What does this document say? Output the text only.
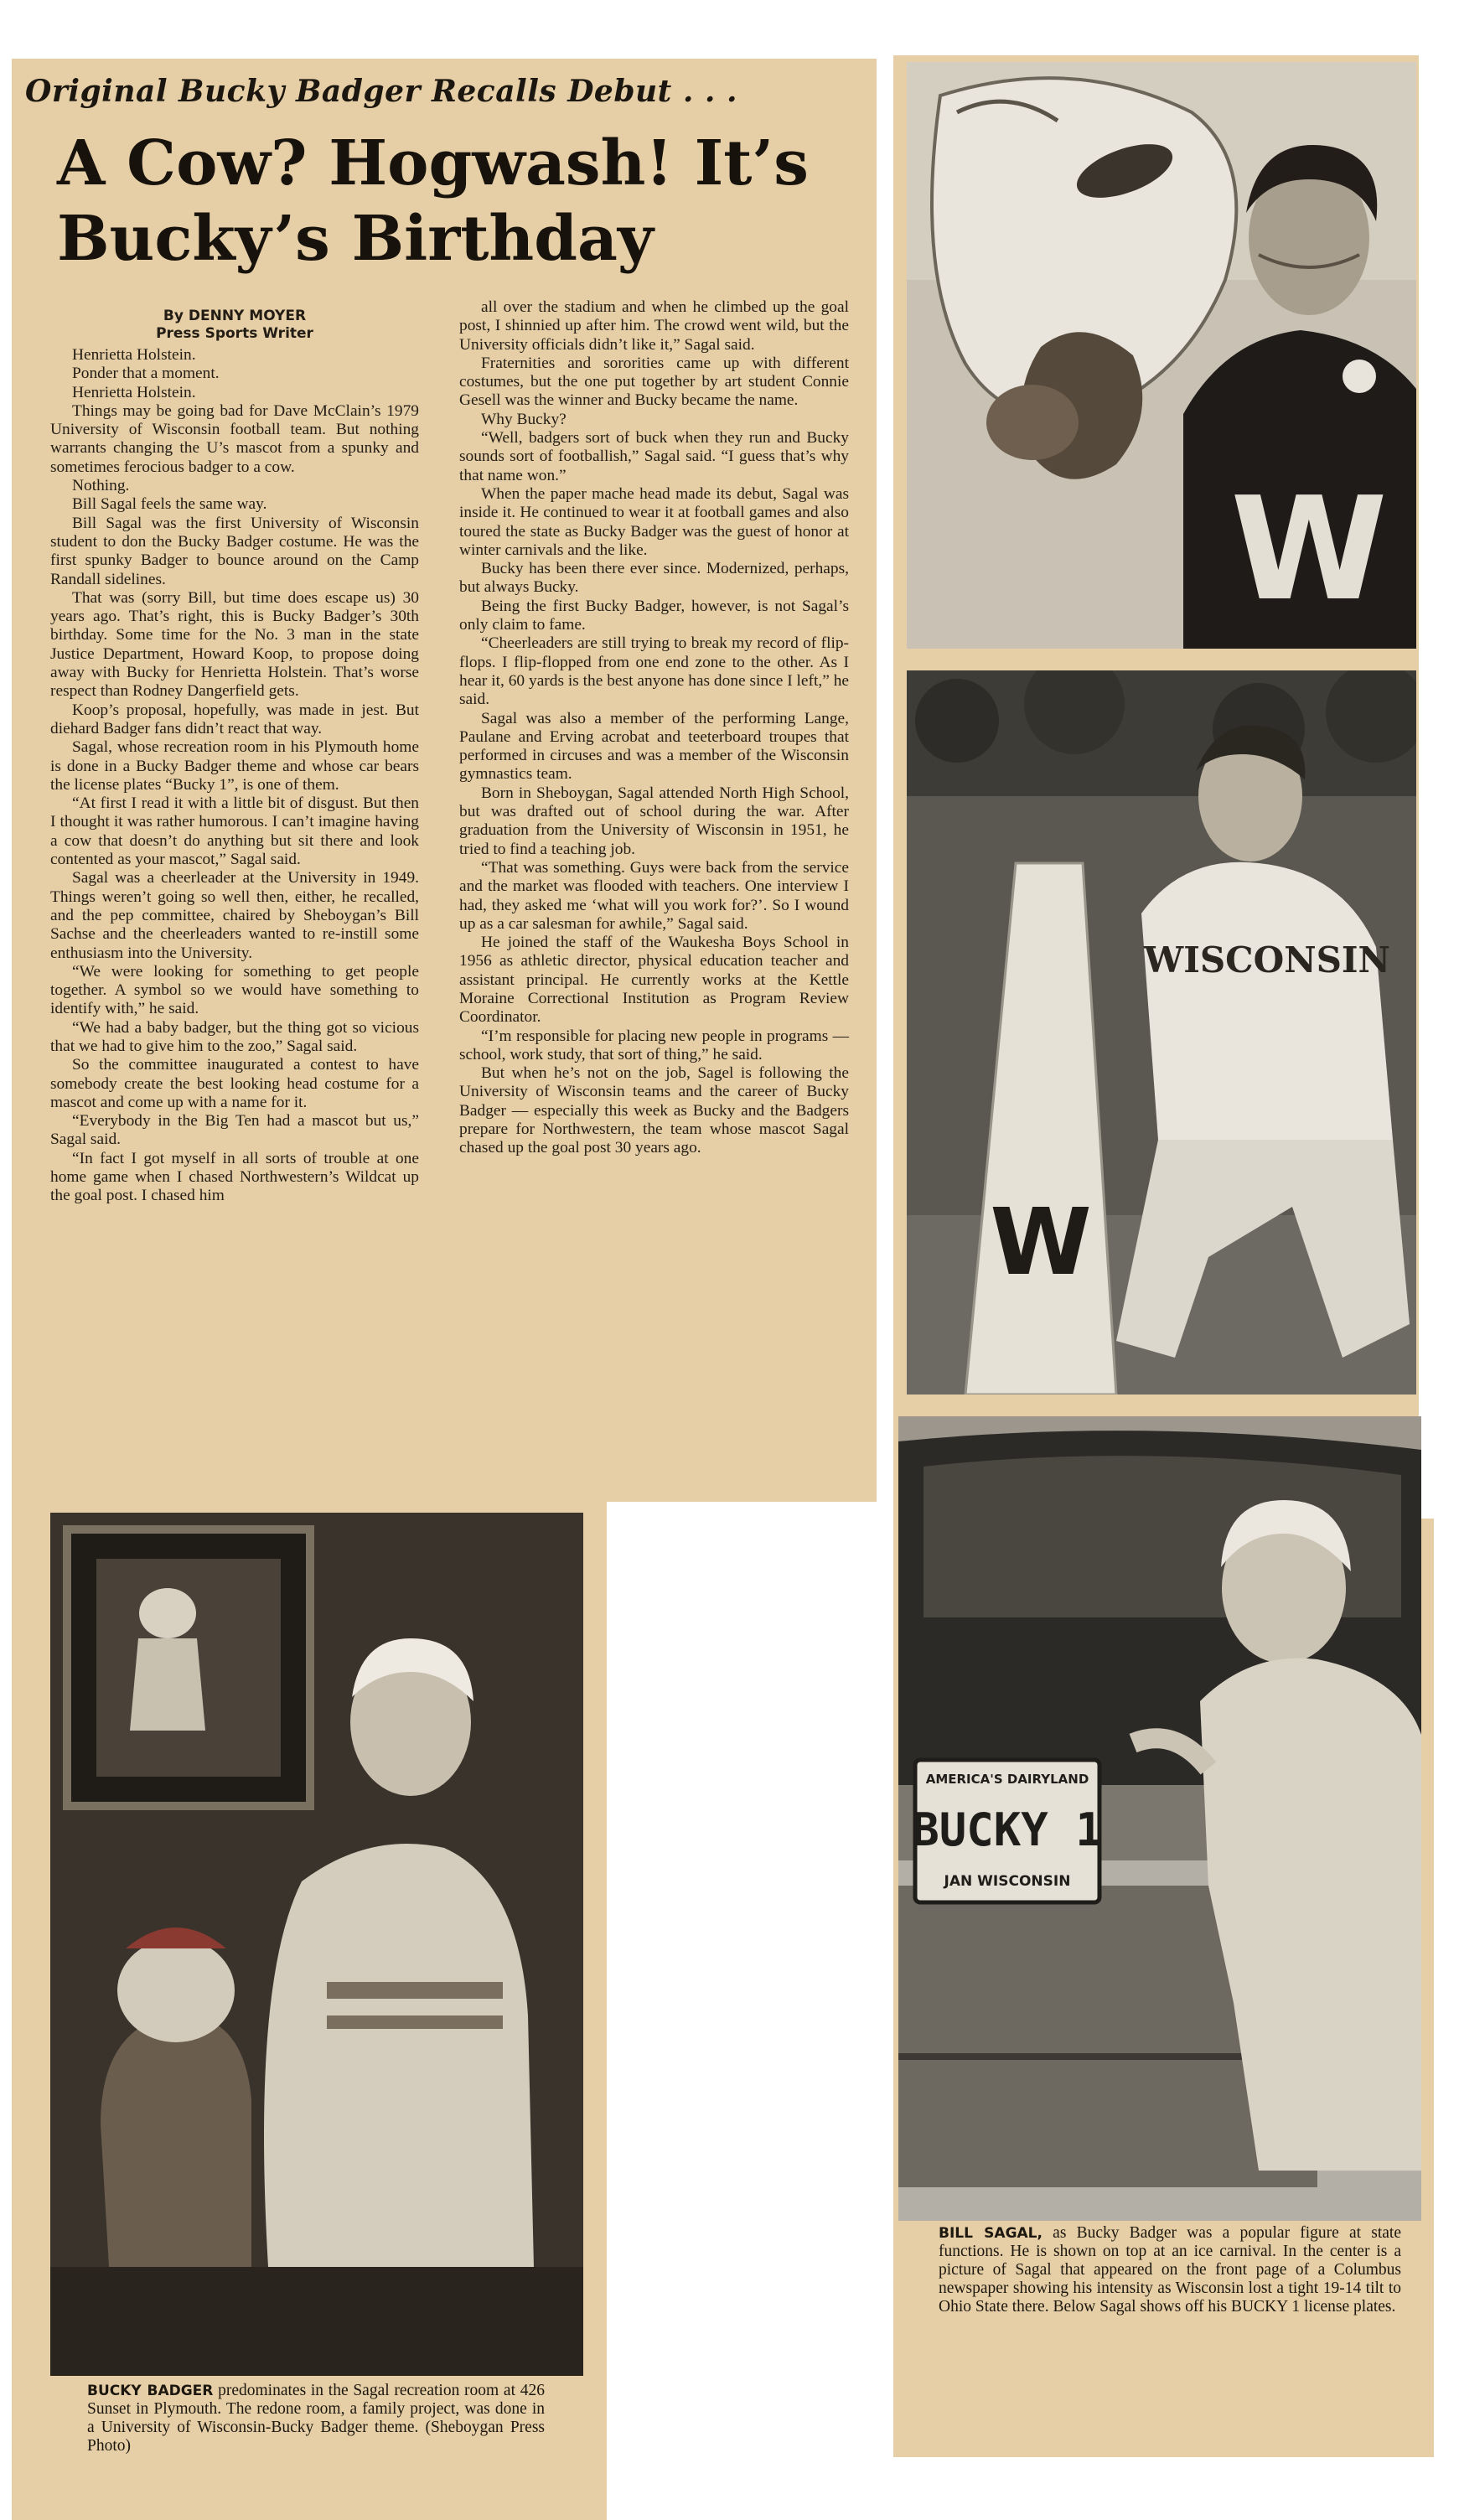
Original Bucky Badger Recalls Debut . . .
A Cow? Hogwash! It’s Bucky’s Birthday

By DENNY MOYER
Press Sports Writer

Henrietta Holstein.

Ponder that a moment.

Henrietta Holstein.

Things may be going bad for Dave McClain’s 1979 University of Wisconsin football team. But nothing warrants changing the U’s mascot from a spunky and sometimes ferocious badger to a cow.

Nothing.

Bill Sagal feels the same way.

Bill Sagal was the first University of Wisconsin student to don the Bucky Badger costume. He was the first spunky Badger to bounce around on the Camp Randall sidelines.

That was (sorry Bill, but time does escape us) 30 years ago. That’s right, this is Bucky Badger’s 30th birthday. Some time for the No. 3 man in the state Justice Department, Howard Koop, to propose doing away with Bucky for Henrietta Holstein. That’s worse respect than Rodney Dangerfield gets.

Koop’s proposal, hopefully, was made in jest. But diehard Badger fans didn’t react that way.

Sagal, whose recreation room in his Plymouth home is done in a Bucky Badger theme and whose car bears the license plates “Bucky 1”, is one of them.

“At first I read it with a little bit of disgust. But then I thought it was rather humorous. I can’t imagine having a cow that doesn’t do anything but sit there and look contented as your mascot,” Sagal said.

Sagal was a cheerleader at the University in 1949. Things weren’t going so well then, either, he recalled, and the pep committee, chaired by Sheboygan’s Bill Sachse and the cheerleaders wanted to re-instill some enthusiasm into the University.

“We were looking for something to get people together. A symbol so we would have something to identify with,” he said.

“We had a baby badger, but the thing got so vicious that we had to give him to the zoo,” Sagal said.

So the committee inaugurated a contest to have somebody create the best looking head costume for a mascot and come up with a name for it.

“Everybody in the Big Ten had a mascot but us,” Sagal said.

“In fact I got myself in all sorts of trouble at one home game when I chased Northwestern’s Wildcat up the goal post. I chased him

all over the stadium and when he climbed up the goal post, I shinnied up after him. The crowd went wild, but the University officials didn’t like it,” Sagal said.

Fraternities and sororities came up with different costumes, but the one put together by art student Connie Gesell was the winner and Bucky became the name.

Why Bucky?

“Well, badgers sort of buck when they run and Bucky sounds sort of footballish,” Sagal said. “I guess that’s why that name won.”

When the paper mache head made its debut, Sagal was inside it. He continued to wear it at football games and also toured the state as Bucky Badger was the guest of honor at winter carnivals and the like.

Bucky has been there ever since. Modernized, perhaps, but always Bucky.

Being the first Bucky Badger, however, is not Sagal’s only claim to fame.

“Cheerleaders are still trying to break my record of flip-flops. I flip-flopped from one end zone to the other. As I hear it, 60 yards is the best anyone has done since I left,” he said.

Sagal was also a member of the performing Lange, Paulane and Erving acrobat and teeterboard troupes that performed in circuses and was a member of the Wisconsin gymnastics team.

Born in Sheboygan, Sagal attended North High School, but was drafted out of school during the war. After graduation from the University of Wisconsin in 1951, he tried to find a teaching job.

“That was something. Guys were back from the service and the market was flooded with teachers. One interview I had, they asked me ‘what will you work for?’. So I wound up as a car salesman for awhile,” Sagal said.

He joined the staff of the Waukesha Boys School in 1956 as athletic director, physical education teacher and assistant principal. He currently works at the Kettle Moraine Correctional Institution as Program Review Coordinator.

“I’m responsible for placing new people in programs — school, work study, that sort of thing,” he said.

But when he’s not on the job, Sagel is following the University of Wisconsin teams and the career of Bucky Badger — especially this week as Bucky and the Badgers prepare for Northwestern, the team whose mascot Sagal chased up the goal post 30 years ago.

W
W
WISCONSIN
AMERICA'S DAIRYLAND
BUCKY 1
JAN WISCONSIN
BUCKY BADGER predominates in the Sagal recreation room at 426 Sunset in Plymouth. The redone room, a family project, was done in a University of Wisconsin-Bucky Badger theme. (Sheboygan Press Photo)
BILL SAGAL, as Bucky Badger was a popular figure at state functions. He is shown on top at an ice carnival. In the center is a picture of Sagal that appeared on the front page of a Columbus newspaper showing his intensity as Wisconsin lost a tight 19-14 tilt to Ohio State there. Below Sagal shows off his BUCKY 1 license plates.
